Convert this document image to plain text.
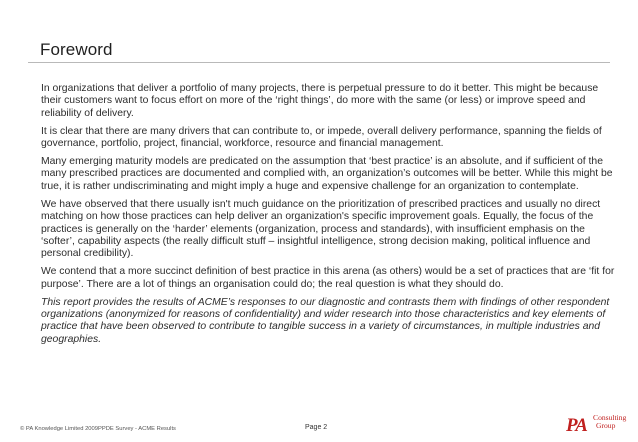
Foreword

In organizations that deliver a portfolio of many projects, there is perpetual pressure to do it better. This might be because their customers want to focus effort on more of the ‘right things’, do more with the same (or less) or improve speed and reliability of delivery.

It is clear that there are many drivers that can contribute to, or impede, overall delivery performance, spanning the fields of governance, portfolio, project, financial, workforce, resource and financial management.

Many emerging maturity models are predicated on the assumption that ‘best practice’ is an absolute, and if sufficient of the many prescribed practices are documented and complied with, an organization’s outcomes will be better. While this might be true, it is rather undiscriminating and might imply a huge and expensive challenge for an organization to contemplate.

We have observed that there usually isn't much guidance on the prioritization of prescribed practices and usually no direct matching on how those practices can help deliver an organization's specific improvement goals. Equally, the focus of the practices is generally on the ‘harder’ elements (organization, process and standards), with insufficient emphasis on the ‘softer’, capability aspects (the really difficult stuff – insightful intelligence, strong decision making, political influence and personal credibility).

We contend that a more succinct definition of best practice in this arena (as others) would be a set of practices that are ‘fit for purpose’. There are a lot of things an organisation could do; the real question is what they should do.

This report provides the results of ACME’s responses to our diagnostic and contrasts them with findings of other respondent organizations (anonymized for reasons of confidentiality) and wider research into those characteristics and key elements of practice that have been observed to contribute to tangible success in a variety of circumstances, in multiple industries and geographies.

© PA Knowledge Limited 2009 PPDE Survey - ACME Results	Page 2	PA Consulting
Group
